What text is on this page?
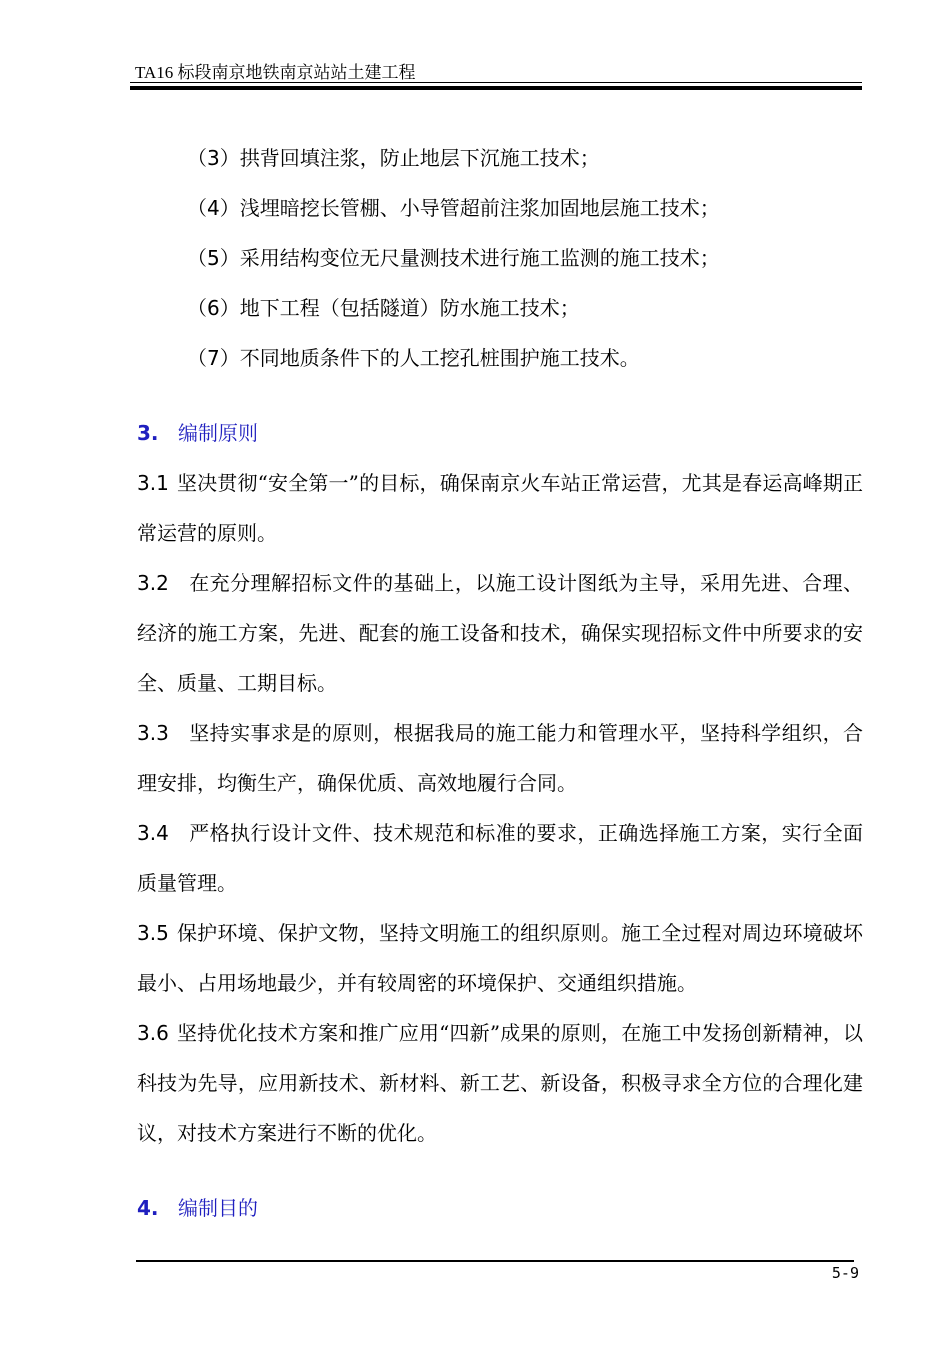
TA16 标段南京地铁南京站站土建工程
（3）拱背回填注浆，防止地层下沉施工技术；
（4）浅埋暗挖长管棚、小导管超前注浆加固地层施工技术；
（5）采用结构变位无尺量测技术进行施工监测的施工技术；
（6）地下工程（包括隧道）防水施工技术；
（7）不同地质条件下的人工挖孔桩围护施工技术。
3. 编制原则
3.1 坚决贯彻“安全第一”的目标，确保南京火车站正常运营，尤其是春运高峰期正常运营的原则。
3.2 在充分理解招标文件的基础上，以施工设计图纸为主导，采用先进、合理、经济的施工方案，先进、配套的施工设备和技术，确保实现招标文件中所要求的安全、质量、工期目标。
3.3 坚持实事求是的原则，根据我局的施工能力和管理水平，坚持科学组织，合理安排，均衡生产，确保优质、高效地履行合同。
3.4 严格执行设计文件、技术规范和标准的要求，正确选择施工方案，实行全面质量管理。
3.5 保护环境、保护文物，坚持文明施工的组织原则。施工全过程对周边环境破坏最小、占用场地最少，并有较周密的环境保护、交通组织措施。
3.6 坚持优化技术方案和推广应用“四新”成果的原则，在施工中发扬创新精神，以科技为先导，应用新技术、新材料、新工艺、新设备，积极寻求全方位的合理化建议，对技术方案进行不断的优化。
4. 编制目的
5-9
